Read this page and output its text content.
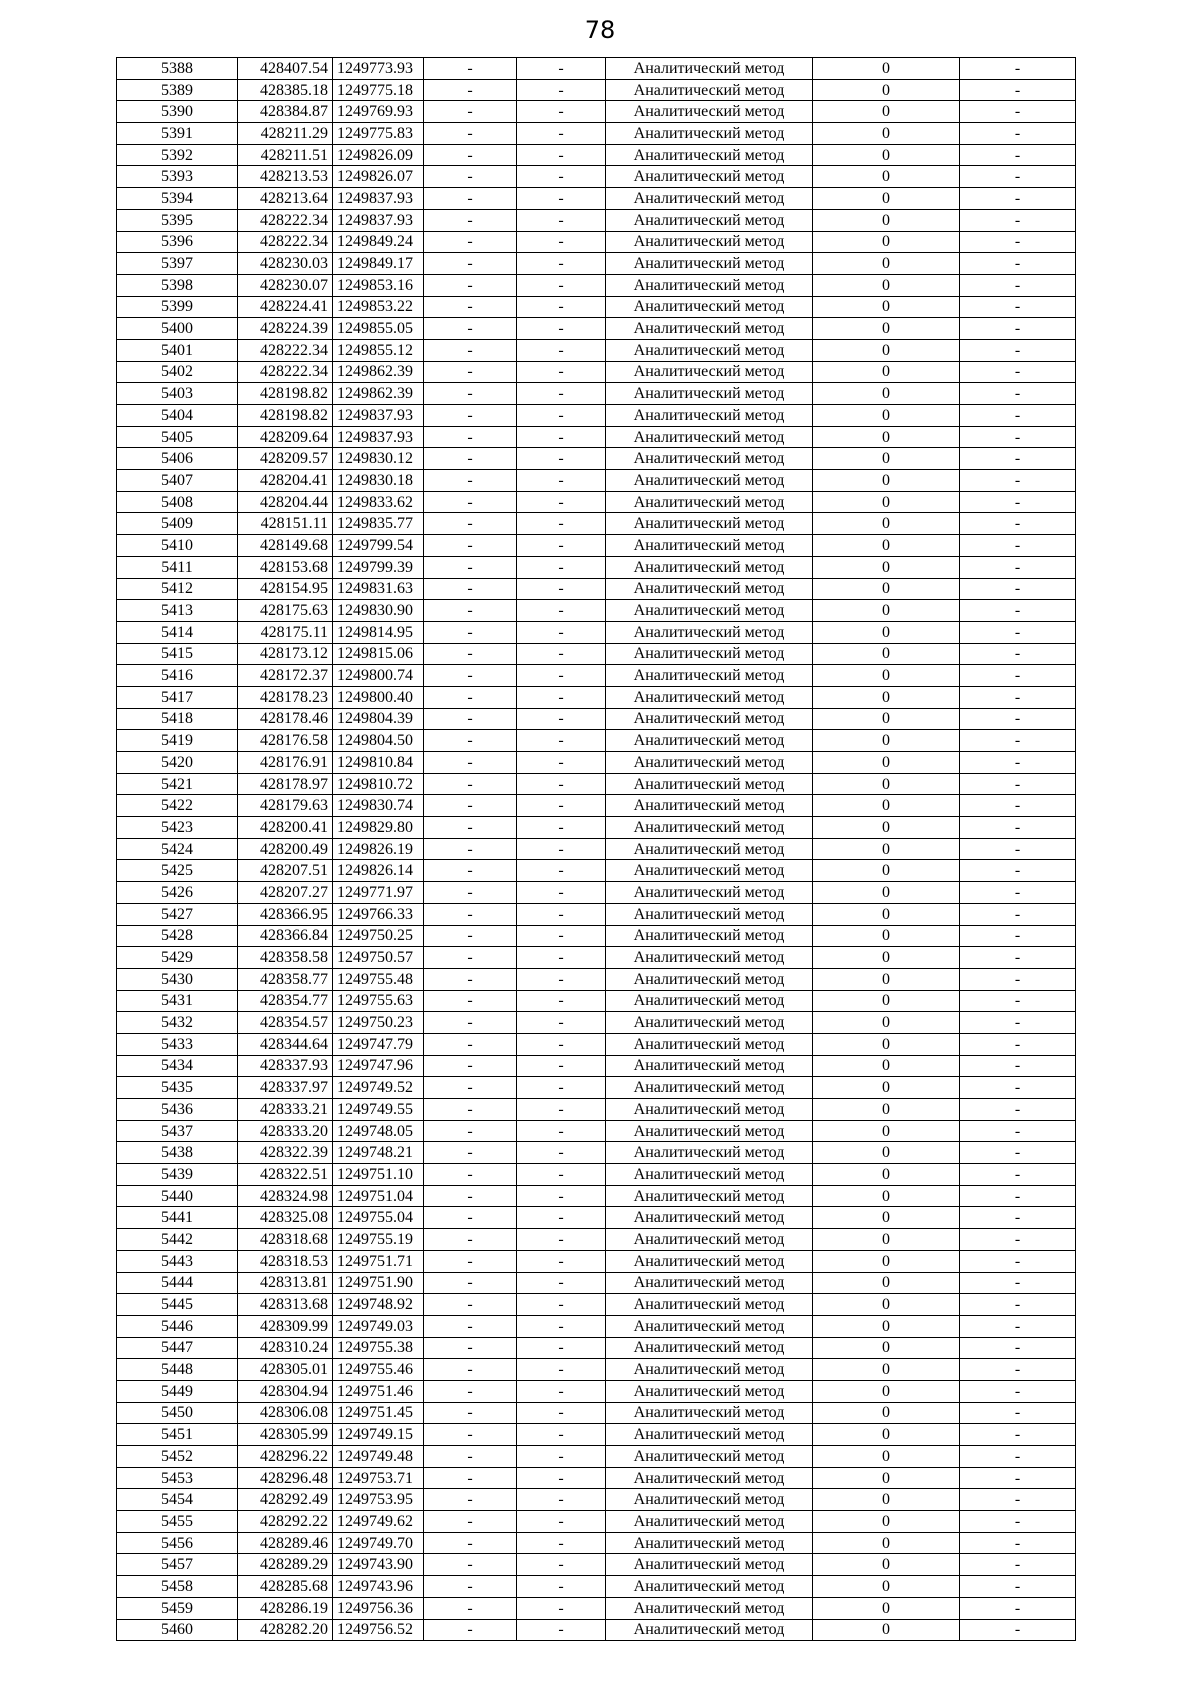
78
5388	428407.54	1249773.93	-	-	Аналитический метод	0	-
5389	428385.18	1249775.18	-	-	Аналитический метод	0	-
5390	428384.87	1249769.93	-	-	Аналитический метод	0	-
5391	428211.29	1249775.83	-	-	Аналитический метод	0	-
5392	428211.51	1249826.09	-	-	Аналитический метод	0	-
5393	428213.53	1249826.07	-	-	Аналитический метод	0	-
5394	428213.64	1249837.93	-	-	Аналитический метод	0	-
5395	428222.34	1249837.93	-	-	Аналитический метод	0	-
5396	428222.34	1249849.24	-	-	Аналитический метод	0	-
5397	428230.03	1249849.17	-	-	Аналитический метод	0	-
5398	428230.07	1249853.16	-	-	Аналитический метод	0	-
5399	428224.41	1249853.22	-	-	Аналитический метод	0	-
5400	428224.39	1249855.05	-	-	Аналитический метод	0	-
5401	428222.34	1249855.12	-	-	Аналитический метод	0	-
5402	428222.34	1249862.39	-	-	Аналитический метод	0	-
5403	428198.82	1249862.39	-	-	Аналитический метод	0	-
5404	428198.82	1249837.93	-	-	Аналитический метод	0	-
5405	428209.64	1249837.93	-	-	Аналитический метод	0	-
5406	428209.57	1249830.12	-	-	Аналитический метод	0	-
5407	428204.41	1249830.18	-	-	Аналитический метод	0	-
5408	428204.44	1249833.62	-	-	Аналитический метод	0	-
5409	428151.11	1249835.77	-	-	Аналитический метод	0	-
5410	428149.68	1249799.54	-	-	Аналитический метод	0	-
5411	428153.68	1249799.39	-	-	Аналитический метод	0	-
5412	428154.95	1249831.63	-	-	Аналитический метод	0	-
5413	428175.63	1249830.90	-	-	Аналитический метод	0	-
5414	428175.11	1249814.95	-	-	Аналитический метод	0	-
5415	428173.12	1249815.06	-	-	Аналитический метод	0	-
5416	428172.37	1249800.74	-	-	Аналитический метод	0	-
5417	428178.23	1249800.40	-	-	Аналитический метод	0	-
5418	428178.46	1249804.39	-	-	Аналитический метод	0	-
5419	428176.58	1249804.50	-	-	Аналитический метод	0	-
5420	428176.91	1249810.84	-	-	Аналитический метод	0	-
5421	428178.97	1249810.72	-	-	Аналитический метод	0	-
5422	428179.63	1249830.74	-	-	Аналитический метод	0	-
5423	428200.41	1249829.80	-	-	Аналитический метод	0	-
5424	428200.49	1249826.19	-	-	Аналитический метод	0	-
5425	428207.51	1249826.14	-	-	Аналитический метод	0	-
5426	428207.27	1249771.97	-	-	Аналитический метод	0	-
5427	428366.95	1249766.33	-	-	Аналитический метод	0	-
5428	428366.84	1249750.25	-	-	Аналитический метод	0	-
5429	428358.58	1249750.57	-	-	Аналитический метод	0	-
5430	428358.77	1249755.48	-	-	Аналитический метод	0	-
5431	428354.77	1249755.63	-	-	Аналитический метод	0	-
5432	428354.57	1249750.23	-	-	Аналитический метод	0	-
5433	428344.64	1249747.79	-	-	Аналитический метод	0	-
5434	428337.93	1249747.96	-	-	Аналитический метод	0	-
5435	428337.97	1249749.52	-	-	Аналитический метод	0	-
5436	428333.21	1249749.55	-	-	Аналитический метод	0	-
5437	428333.20	1249748.05	-	-	Аналитический метод	0	-
5438	428322.39	1249748.21	-	-	Аналитический метод	0	-
5439	428322.51	1249751.10	-	-	Аналитический метод	0	-
5440	428324.98	1249751.04	-	-	Аналитический метод	0	-
5441	428325.08	1249755.04	-	-	Аналитический метод	0	-
5442	428318.68	1249755.19	-	-	Аналитический метод	0	-
5443	428318.53	1249751.71	-	-	Аналитический метод	0	-
5444	428313.81	1249751.90	-	-	Аналитический метод	0	-
5445	428313.68	1249748.92	-	-	Аналитический метод	0	-
5446	428309.99	1249749.03	-	-	Аналитический метод	0	-
5447	428310.24	1249755.38	-	-	Аналитический метод	0	-
5448	428305.01	1249755.46	-	-	Аналитический метод	0	-
5449	428304.94	1249751.46	-	-	Аналитический метод	0	-
5450	428306.08	1249751.45	-	-	Аналитический метод	0	-
5451	428305.99	1249749.15	-	-	Аналитический метод	0	-
5452	428296.22	1249749.48	-	-	Аналитический метод	0	-
5453	428296.48	1249753.71	-	-	Аналитический метод	0	-
5454	428292.49	1249753.95	-	-	Аналитический метод	0	-
5455	428292.22	1249749.62	-	-	Аналитический метод	0	-
5456	428289.46	1249749.70	-	-	Аналитический метод	0	-
5457	428289.29	1249743.90	-	-	Аналитический метод	0	-
5458	428285.68	1249743.96	-	-	Аналитический метод	0	-
5459	428286.19	1249756.36	-	-	Аналитический метод	0	-
5460	428282.20	1249756.52	-	-	Аналитический метод	0	-
